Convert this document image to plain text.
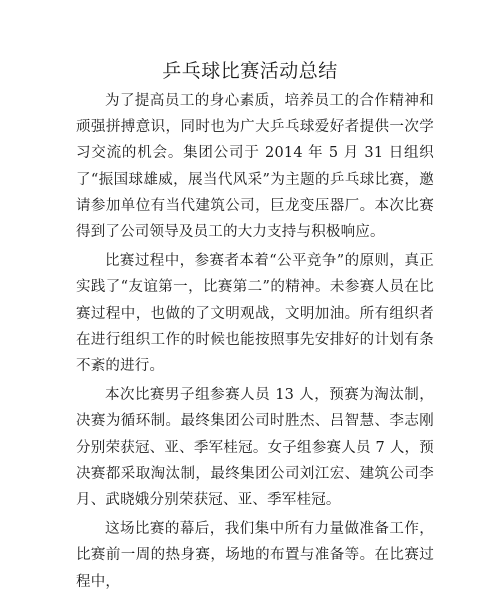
乒乓球比赛活动总结

为了提高员工的身心素质，培养员工的合作精神和顽强拼搏意识，同时也为广大乒乓球爱好者提供一次学习交流的机会。集团公司于 2014 年 5 月 31 日组织了“振国球雄威，展当代风采”为主题的乒乓球比赛，邀请参加单位有当代建筑公司，巨龙变压器厂。本次比赛得到了公司领导及员工的大力支持与积极响应。

比赛过程中，参赛者本着“公平竞争”的原则，真正实践了“友谊第一，比赛第二”的精神。未参赛人员在比赛过程中，也做的了文明观战，文明加油。所有组织者在进行组织工作的时候也能按照事先安排好的计划有条不紊的进行。

本次比赛男子组参赛人员 13 人，预赛为淘汰制，决赛为循环制。最终集团公司时胜杰、吕智慧、李志刚分别荣获冠、亚、季军桂冠。女子组参赛人员 7 人，预决赛都采取淘汰制，最终集团公司刘江宏、建筑公司李月、武晓娥分别荣获冠、亚、季军桂冠。

这场比赛的幕后，我们集中所有力量做准备工作，比赛前一周的热身赛，场地的布置与准备等。在比赛过程中，
